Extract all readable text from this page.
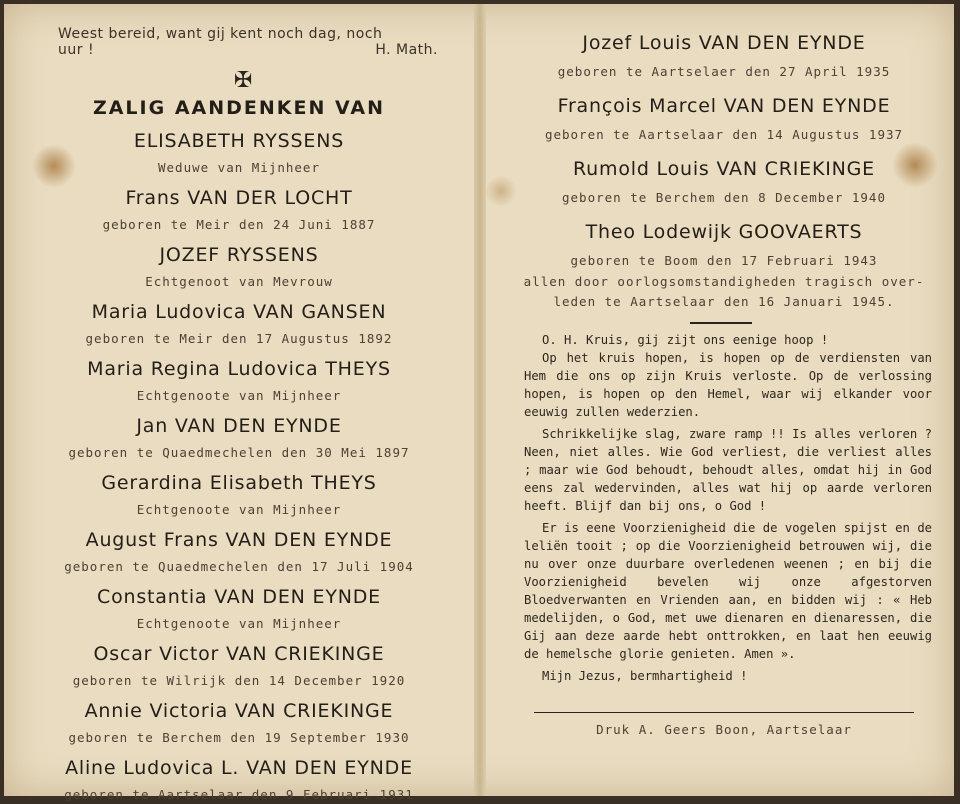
Weest bereid, want gij kent noch dag, noch
uur !	H. Math.
✠
ZALIG AANDENKEN VAN
ELISABETH RYSSENS
Weduwe van Mijnheer
Frans VAN DER LOCHT
geboren te Meir den 24 Juni 1887
JOZEF RYSSENS
Echtgenoot van Mevrouw
Maria Ludovica VAN GANSEN
geboren te Meir den 17 Augustus 1892
Maria Regina Ludovica THEYS
Echtgenoote van Mijnheer
Jan VAN DEN EYNDE
geboren te Quaedmechelen den 30 Mei 1897
Gerardina Elisabeth THEYS
Echtgenoote van Mijnheer
August Frans VAN DEN EYNDE
geboren te Quaedmechelen den 17 Juli 1904
Constantia VAN DEN EYNDE
Echtgenoote van Mijnheer
Oscar Victor VAN CRIEKINGE
geboren te Wilrijk den 14 December 1920
Annie Victoria VAN CRIEKINGE
geboren te Berchem den 19 September 1930
Aline Ludovica L. VAN DEN EYNDE
geboren te Aartselaar den 9 Februari 1931
Jozef Louis VAN DEN EYNDE
geboren te Aartselaer den 27 April 1935
François Marcel VAN DEN EYNDE
geboren te Aartselaar den 14 Augustus 1937
Rumold Louis VAN CRIEKINGE
geboren te Berchem den 8 December 1940
Theo Lodewijk GOOVAERTS
geboren te Boom den 17 Februari 1943
allen door oorlogsomstandigheden tragisch over-
leden te Aartselaar den 16 Januari 1945.

O. H. Kruis, gij zijt ons eenige hoop !

Op het kruis hopen, is hopen op de verdiensten van Hem die ons op zijn Kruis verloste. Op de verlossing hopen, is hopen op den Hemel, waar wij elkander voor eeuwig zullen wederzien.

Schrikkelijke slag, zware ramp !! Is alles verloren ? Neen, niet alles. Wie God verliest, die verliest alles ; maar wie God behoudt, behoudt alles, omdat hij in God eens zal wedervinden, alles wat hij op aarde verloren heeft. Blijf dan bij ons, o God !

Er is eene Voorzienigheid die de vogelen spijst en de leliën tooit ; op die Voorzienigheid betrouwen wij, die nu over onze duurbare overledenen weenen ; en bij die Voorzienigheid bevelen wij onze afgestorven Bloedverwanten en Vrienden aan, en bidden wij : « Heb medelijden, o God, met uwe dienaren en dienaressen, die Gij aan deze aarde hebt onttrokken, en laat hen eeuwig de hemelsche glorie genieten. Amen ».

Mijn Jezus, bermhartigheid !

Druk A. Geers Boon, Aartselaar
